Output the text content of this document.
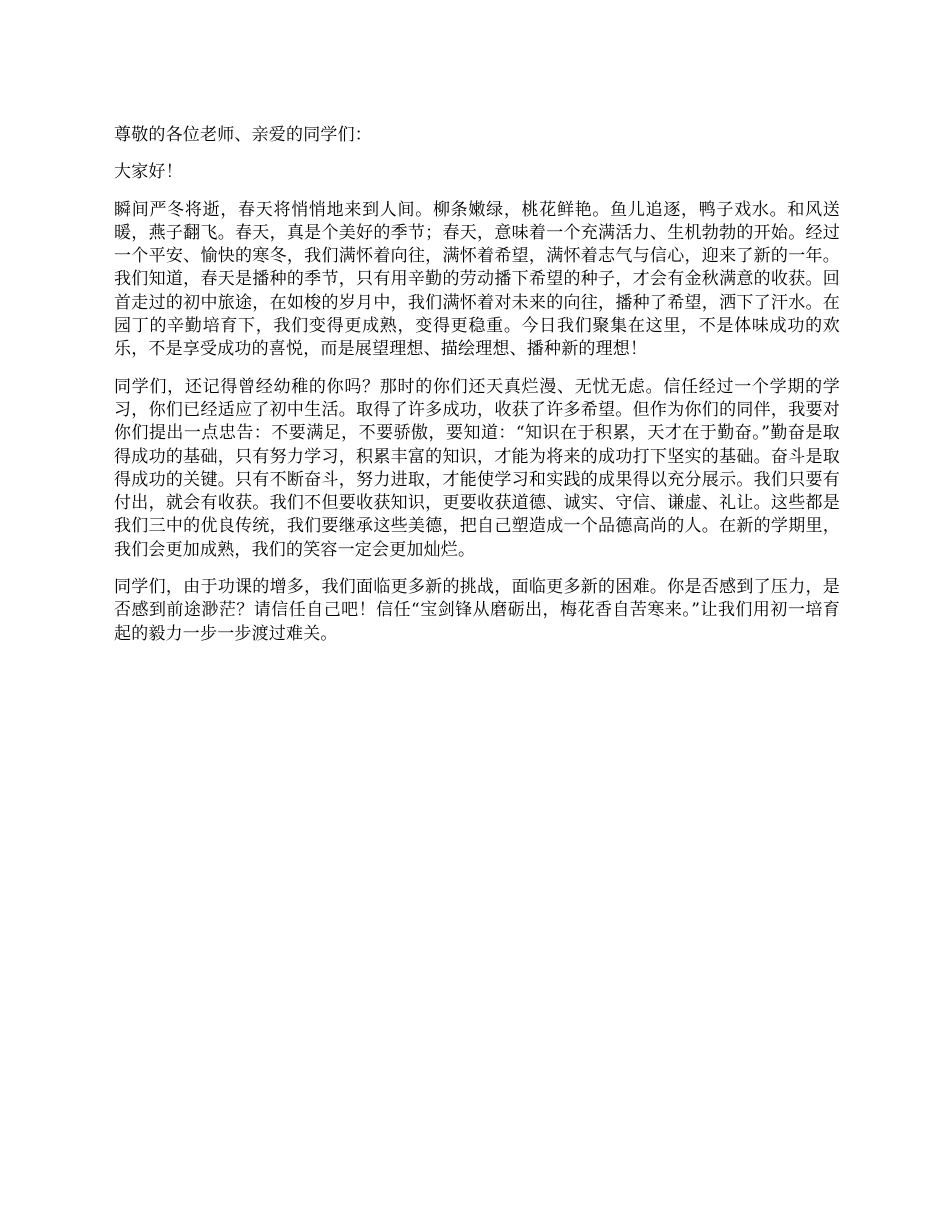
尊敬的各位老师、亲爱的同学们：

大家好！

瞬间严冬将逝，春天将悄悄地来到人间。柳条嫩绿，桃花鲜艳。鱼儿追逐，鸭子戏水。和风送暖，燕子翻飞。春天，真是个美好的季节；春天，意味着一个充满活力、生机勃勃的开始。经过一个平安、愉快的寒冬，我们满怀着向往，满怀着希望，满怀着志气与信心，迎来了新的一年。我们知道，春天是播种的季节，只有用辛勤的劳动播下希望的种子，才会有金秋满意的收获。回首走过的初中旅途，在如梭的岁月中，我们满怀着对未来的向往，播种了希望，洒下了汗水。在园丁的辛勤培育下，我们变得更成熟，变得更稳重。今日我们聚集在这里，不是体味成功的欢乐，不是享受成功的喜悦，而是展望理想、描绘理想、播种新的理想！

同学们，还记得曾经幼稚的你吗？那时的你们还天真烂漫、无忧无虑。信任经过一个学期的学习，你们已经适应了初中生活。取得了许多成功，收获了许多希望。但作为你们的同伴，我要对你们提出一点忠告：不要满足，不要骄傲，要知道：“知识在于积累，天才在于勤奋。”勤奋是取得成功的基础，只有努力学习，积累丰富的知识，才能为将来的成功打下坚实的基础。奋斗是取得成功的关键。只有不断奋斗，努力进取，才能使学习和实践的成果得以充分展示。我们只要有付出，就会有收获。我们不但要收获知识，更要收获道德、诚实、守信、谦虚、礼让。这些都是我们三中的优良传统，我们要继承这些美德，把自己塑造成一个品德高尚的人。在新的学期里，我们会更加成熟，我们的笑容一定会更加灿烂。

同学们，由于功课的增多，我们面临更多新的挑战，面临更多新的困难。你是否感到了压力，是否感到前途渺茫？请信任自己吧！信任“宝剑锋从磨砺出，梅花香自苦寒来。”让我们用初一培育起的毅力一步一步渡过难关。
